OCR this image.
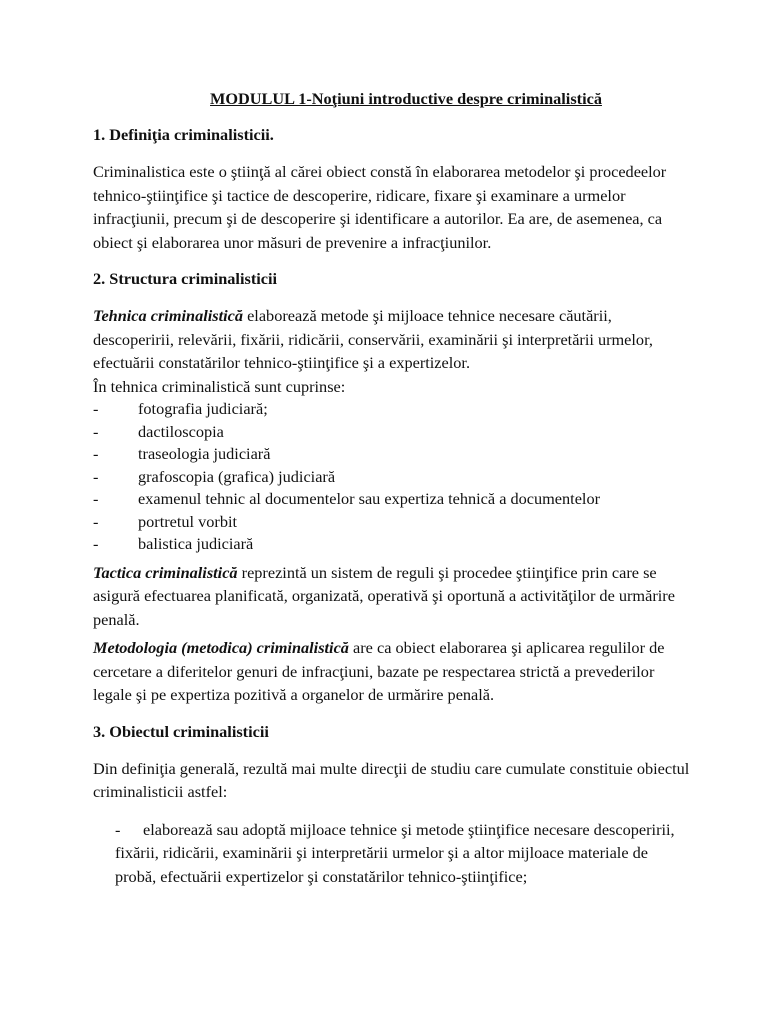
MODULUL 1-Noţiuni introductive despre criminalistică
1. Definiţia criminalisticii.

Criminalistica este o ştiinţă al cărei obiect constă în elaborarea metodelor şi procedeelor tehnico-ştiinţifice şi tactice de descoperire, ridicare, fixare şi examinare a urmelor infracţiunii, precum şi de descoperire şi identificare a autorilor. Ea are, de asemenea, ca obiect şi elaborarea unor măsuri de prevenire a infracţiunilor.

2. Structura criminalisticii

Tehnica criminalistică elaborează metode şi mijloace tehnice necesare căutării, descoperirii, relevării, fixării, ridicării, conservării, examinării şi interpretării urmelor, efectuării constatărilor tehnico-ştiinţifice şi a expertizelor.

În tehnica criminalistică sunt cuprinse:

- fotografia judiciară;
- dactiloscopia
- traseologia judiciară
- grafoscopia (grafica) judiciară
- examenul tehnic al documentelor sau expertiza tehnică a documentelor
- portretul vorbit
- balistica judiciară

Tactica criminalistică reprezintă un sistem de reguli şi procedee ştiinţifice prin care se asigură efectuarea planificată, organizată, operativă şi oportună a activităţilor de urmărire penală.

Metodologia (metodica) criminalistică are ca obiect elaborarea şi aplicarea regulilor de cercetare a diferitelor genuri de infracţiuni, bazate pe respectarea strictă a prevederilor legale şi pe expertiza pozitivă a organelor de urmărire penală.

3. Obiectul criminalisticii

Din definiţia generală, rezultă mai multe direcţii de studiu care cumulate constituie obiectul criminalisticii astfel:

-	elaborează sau adoptă mijloace tehnice şi metode ştiinţifice necesare descoperirii, fixării, ridicării, examinării şi interpretării urmelor şi a altor mijloace materiale de probă, efectuării expertizelor şi constatărilor tehnico-ştiinţifice;
